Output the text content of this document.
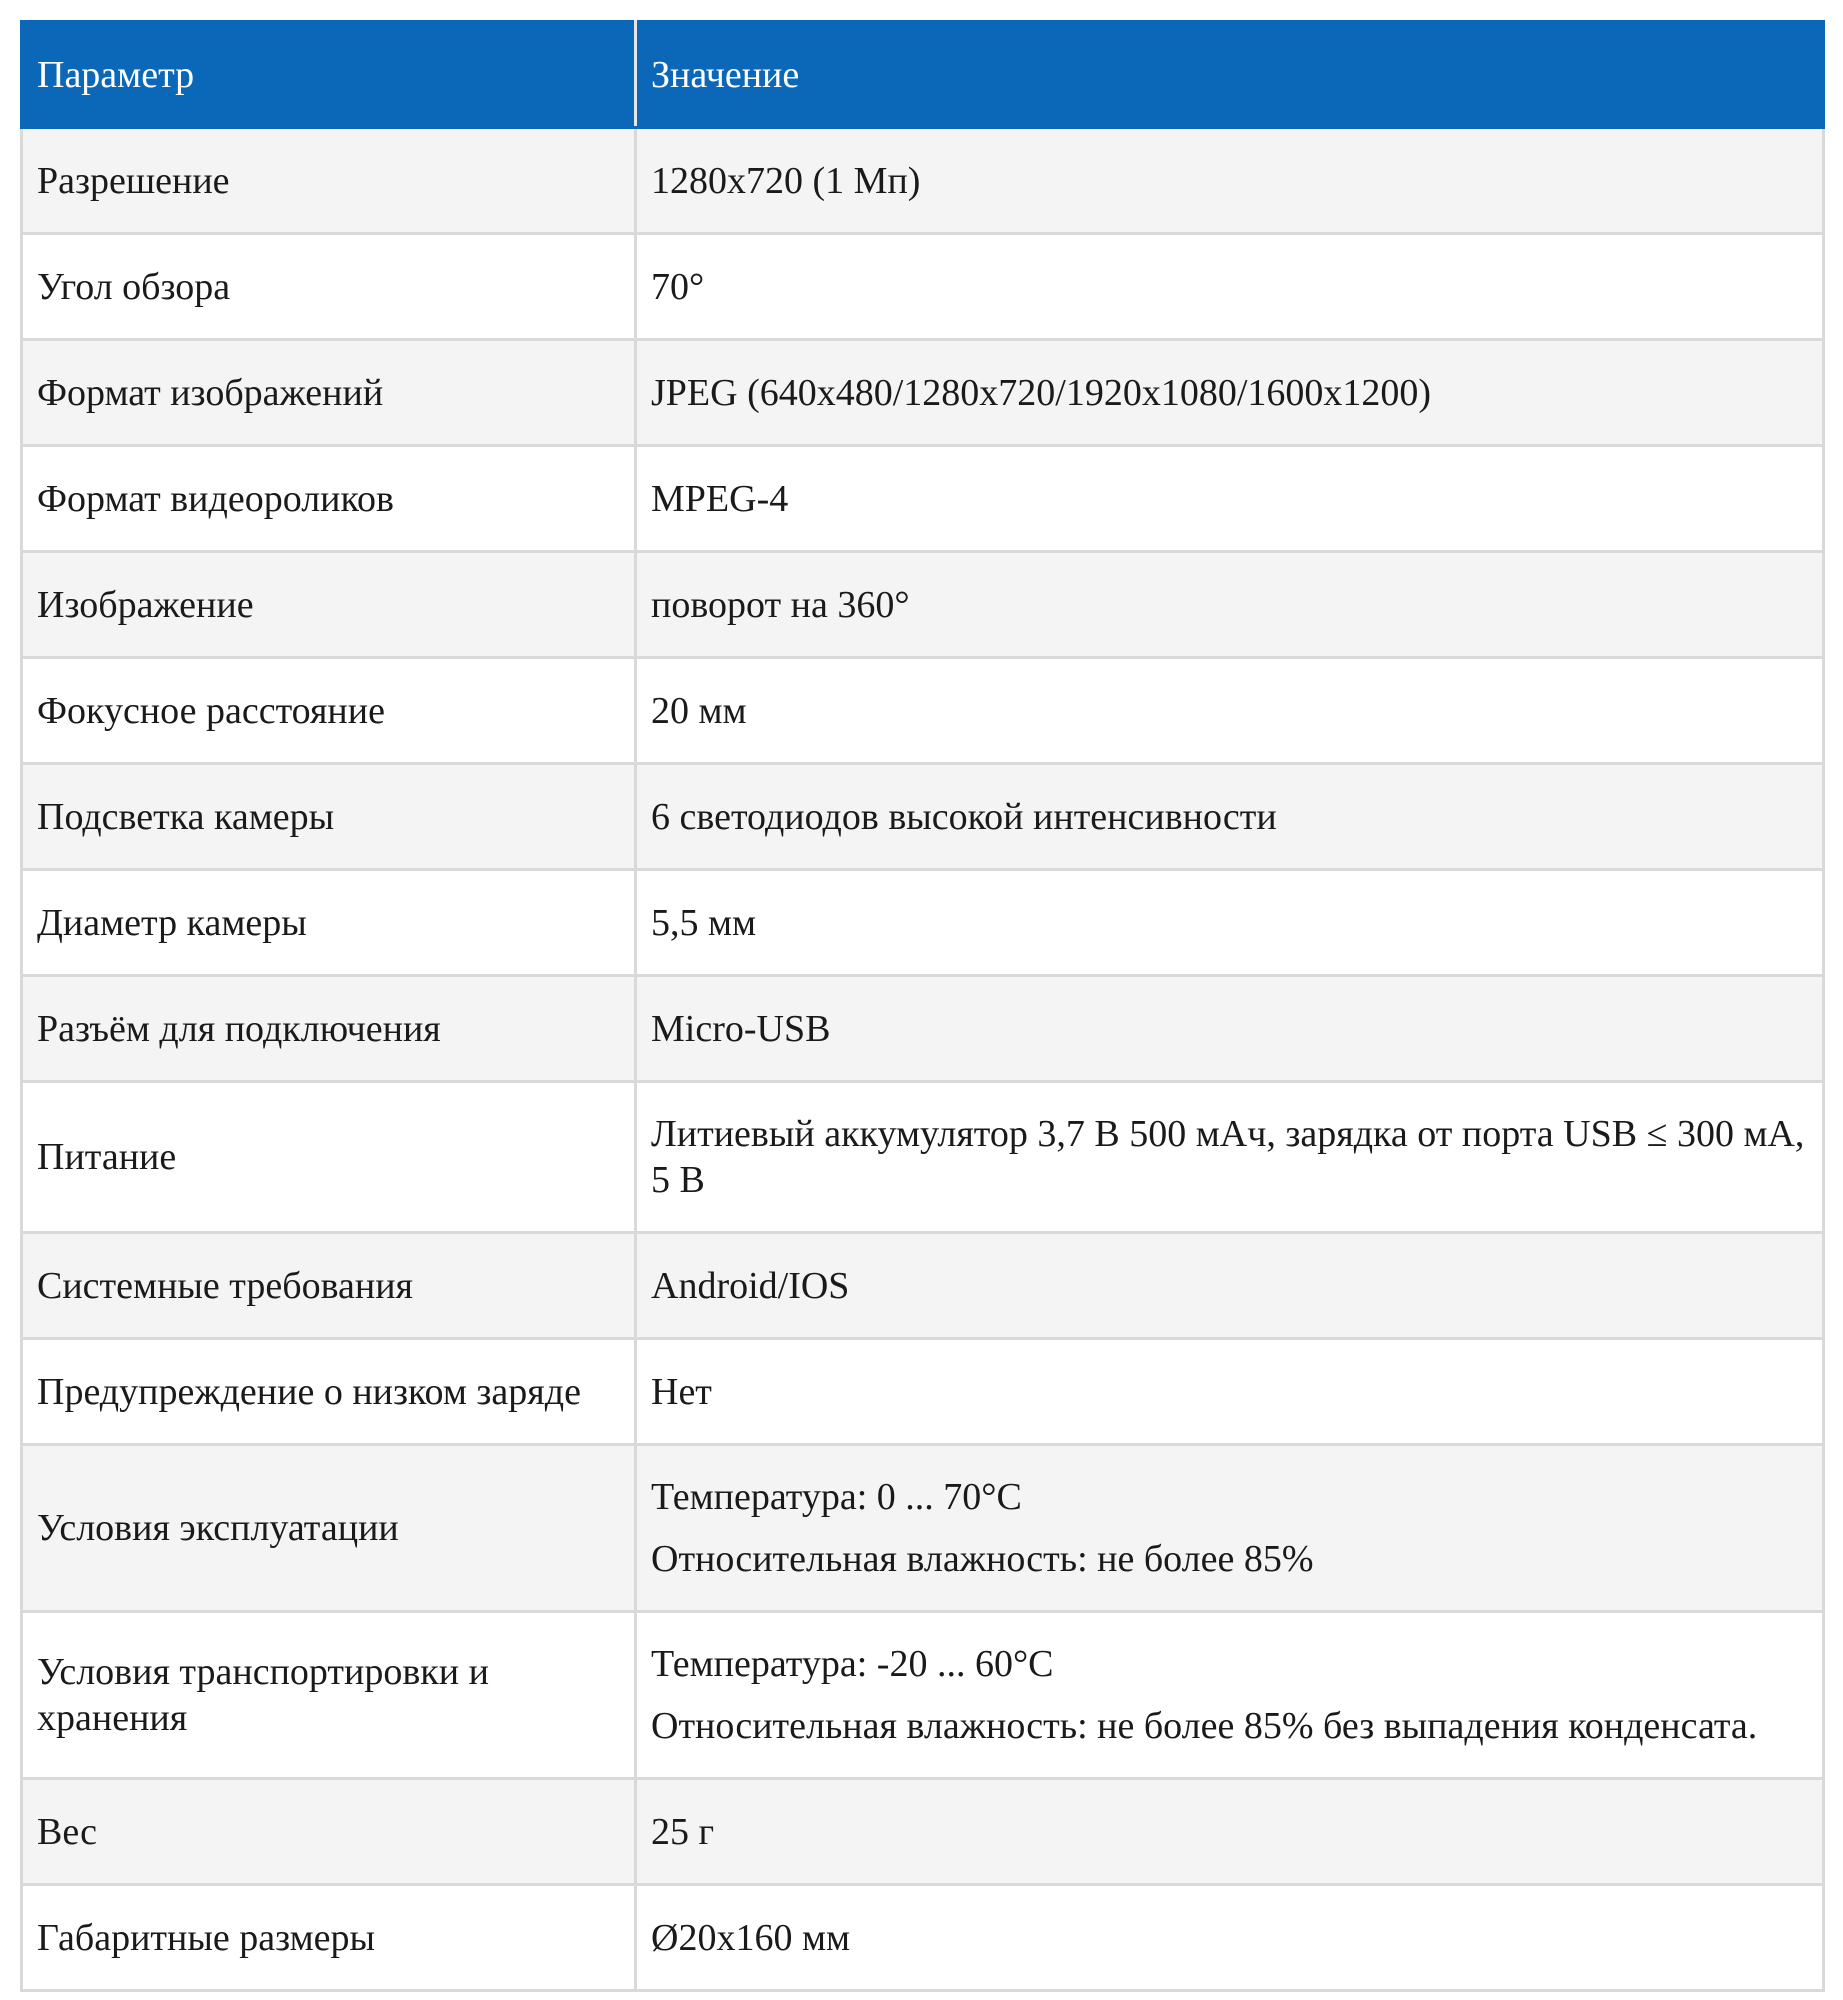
Параметр	Значение
Разрешение	1280х720 (1 Мп)

Угол обзора	70°

Формат изображений	JPEG (640x480/1280x720/1920x1080/1600x1200)

Формат видеороликов	MPEG-4

Изображение	поворот на 360°

Фокусное расстояние	20 мм

Подсветка камеры	6 светодиодов высокой интенсивности

Диаметр камеры	5,5 мм

Разъём для подключения	Micro-USB

Питание	Литиевый аккумулятор 3,7 В 500 мАч, зарядка от порта USB ≤ 300 мА, 5 В

Системные требования	Android/IOS

Предупреждение о низком заряде	Нет

Условия эксплуатации	Температура: 0 ... 70°С
Относительная влажность: не более 85%

Условия транспортировки и хранения	Температура: -20 ... 60°С
Относительная влажность: не более 85% без выпадения конденсата.

Вес	25 г

Габаритные размеры	Ø20x160 мм
